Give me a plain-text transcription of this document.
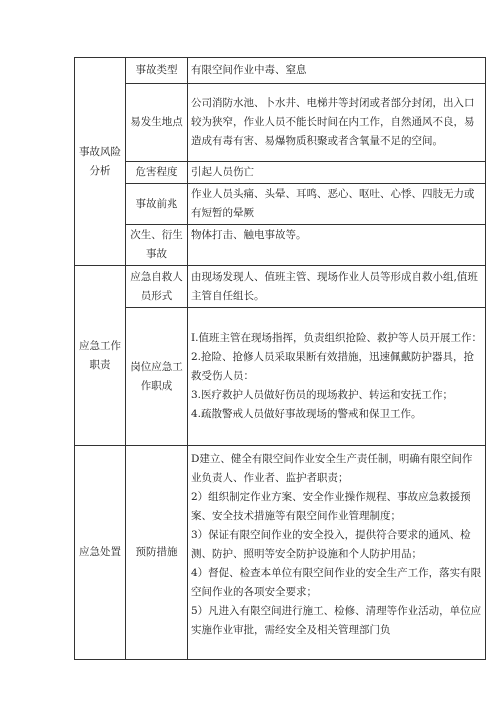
事故风险分析	事故类型	有限空间作业中毒、窒息

	易发生地点	公司消防水池、卜水井、电梯井等封闭或者部分封闭，出入口较为狭窄，作业人员不能长时间在内工作，自然通风不良，易造成有毒有害、易爆物质积聚或者含氧量不足的空间。

	危害程度	引起人员伤亡

	事故前兆	作业人员头痛、头晕、耳鸣、恶心、呕吐、心悸、四肢无力或有短暂的晕厥

	次生、衍生事故	物体打击、触电事故等。

应急工作职责	应急自救人员形式	由现场发现人、值班主管、现场作业人员等形成自救小组,值班主管自任组长。

	岗位应急工作职成	I.值班主管在现场指挥，负责组织抢险、救护等人员开展工作：

2.抢险、抢修人员采取果断有效措施，迅速佩戴防护器具，抢救受伤人员：

3.医疗救护人员做好伤员的现场救护、转运和安抚工作；

4.疏散警戒人员做好事故现场的警戒和保卫工作。

应急处置	预防措施	D建立、健全有限空间作业安全生产责任制，明确有限空间作业负责人、作业者、监护者职责；

2）组织制定作业方案、安全作业操作规程、事故应急救援预案、安全技术措施等有限空间作业管理制度；

3）保证有限空间作业的安全投入，提供符合要求的通风、检测、防护、照明等安全防护设施和个人防护用品；

4）督促、检查本单位有限空间作业的安全生产工作，落实有限空间作业的各项安全要求；

5）凡进入有限空间进行施工、检修、清理等作业活动，单位应实施作业审批，需经安全及相关管理部门负
